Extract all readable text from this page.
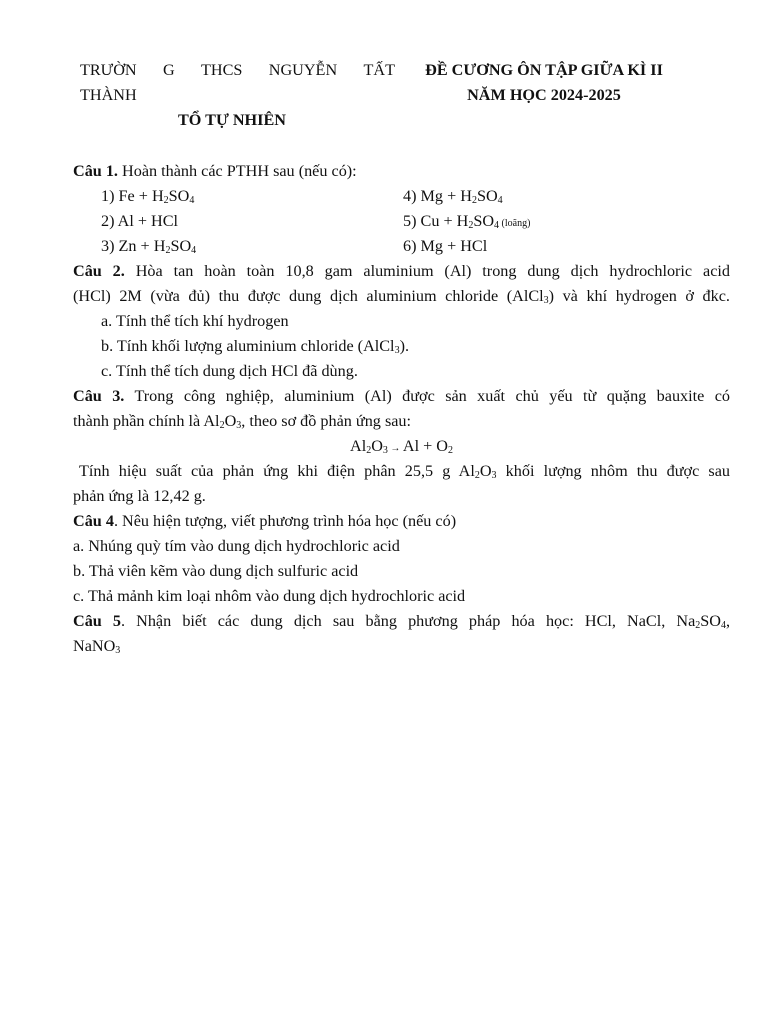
TRƯỜN G THCS NGUYỄN TẤT
THÀNH
TỔ TỰ NHIÊN
ĐỀ CƯƠNG ÔN TẬP GIỮA KÌ II
NĂM HỌC 2024-2025
Câu 1. Hoàn thành các PTHH sau (nếu có):
1) $Fe + H_2SO_4$	4) $Mg + H_2SO_4$
2) Al + HCl	5) $Cu + H_2SO_4$ (loãng)
3) $Zn + H_2SO_4$	6) Mg + HCl
Câu 2. Hòa tan hoàn toàn 10,8 gam aluminium (Al) trong dung dịch hydrochloric acid
(HCl) 2M (vừa đủ) thu được dung dịch aluminium chloride (AlCl$_3$) và khí hydrogen ở đkc.
a. Tính thể tích khí hydrogen
b. Tính khối lượng aluminium chloride (AlCl$_3$).
c. Tính thể tích dung dịch HCl đã dùng.
Câu 3. Trong công nghiệp, aluminium (Al) được sản xuất chủ yếu từ quặng bauxite có
thành phần chính là $Al_2O_3$, theo sơ đồ phản ứng sau:
$Al_2O_3 \to Al + O_2$
Tính hiệu suất của phản ứng khi điện phân 25,5 g $Al_2O_3$ khối lượng nhôm thu được sau
phản ứng là 12,42 g.
Câu 4. Nêu hiện tượng, viết phương trình hóa học (nếu có)
a. Nhúng quỳ tím vào dung dịch hydrochloric acid
b. Thả viên kẽm vào dung dịch sulfuric acid
c. Thả mảnh kim loại nhôm vào dung dịch hydrochloric acid
Câu 5. Nhận biết các dung dịch sau bằng phương pháp hóa học: HCl, NaCl, $Na_2SO_4$,
NaNO$_3$
